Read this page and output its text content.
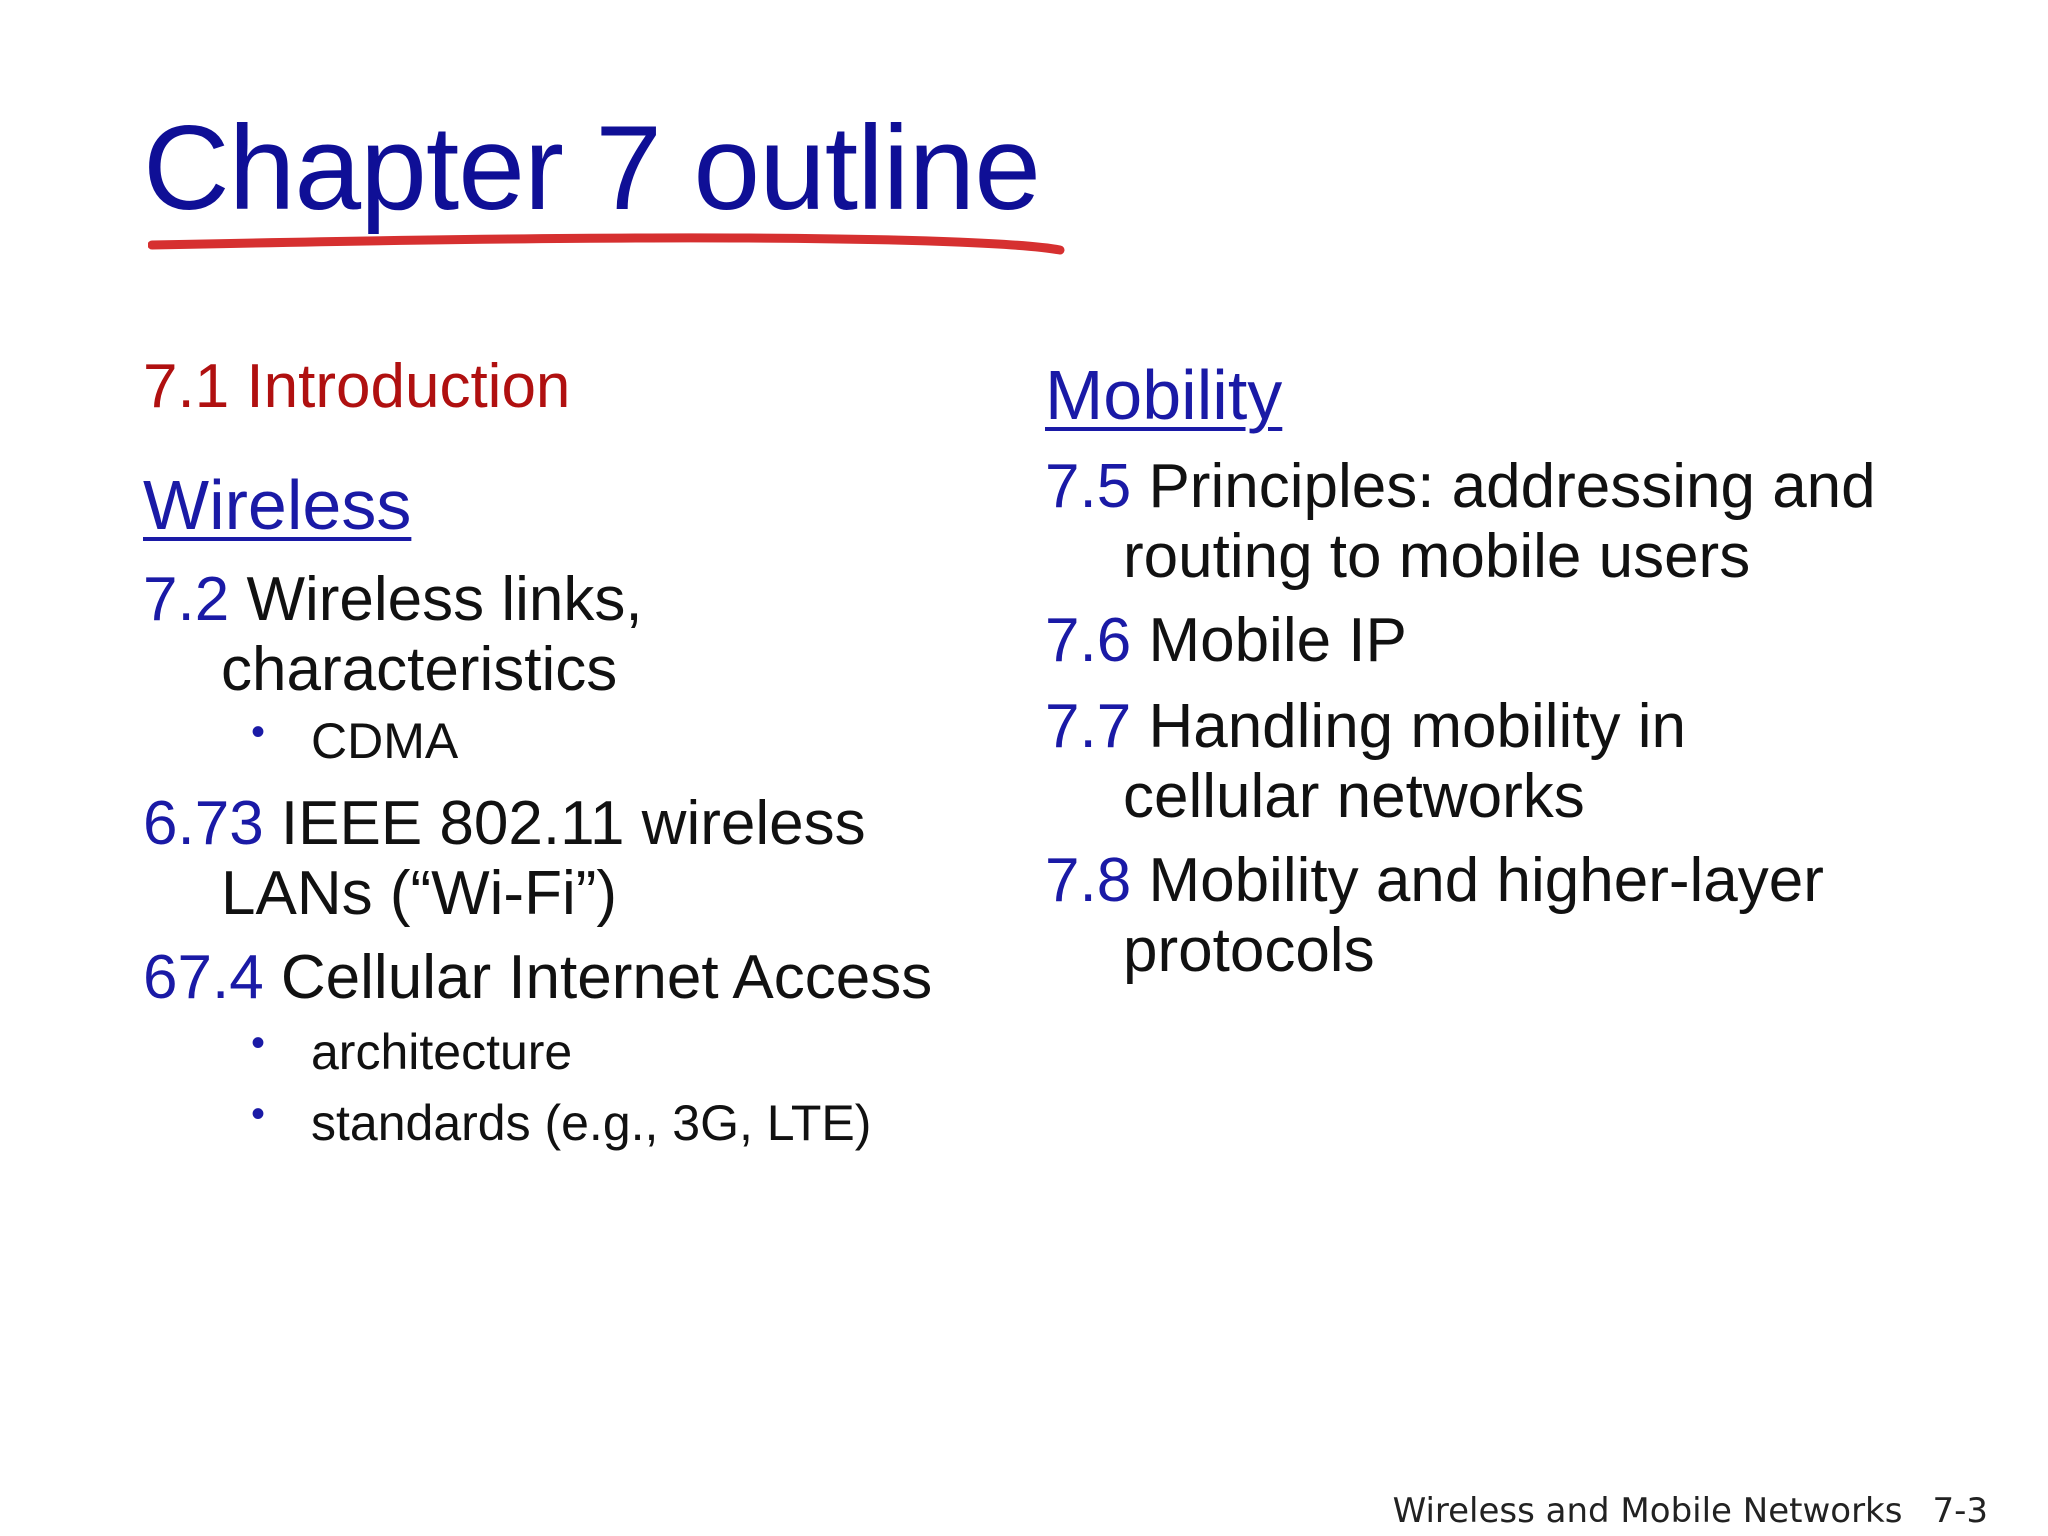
Chapter 7 outline
7.1 Introduction
Wireless
7.2 Wireless links,
characteristics
• CDMA
6.73 IEEE 802.11 wireless
LANs (“Wi-Fi”)
67.4 Cellular Internet Access
• architecture
• standards (e.g., 3G, LTE)
Mobility
7.5 Principles: addressing and
routing to mobile users
7.6 Mobile IP
7.7 Handling mobility in
cellular networks
7.8 Mobility and higher-layer
protocols
Wireless and Mobile Networks 7-3
